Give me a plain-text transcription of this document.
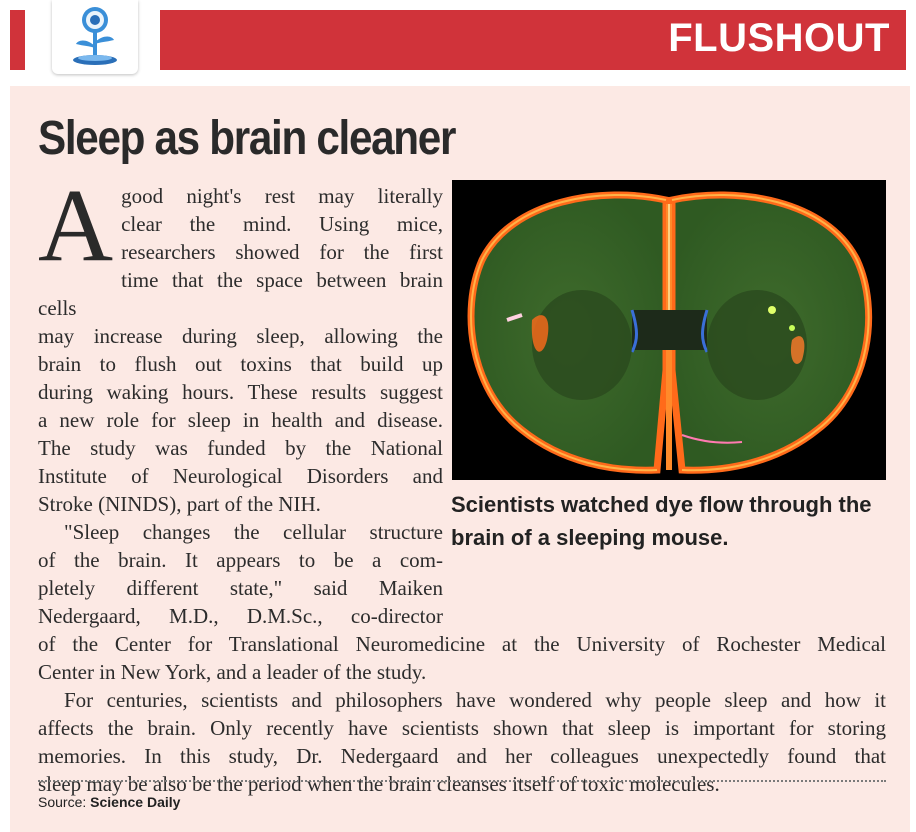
FLUSHOUT
Sleep as brain cleaner
Scientists watched dye flow through the brain of a sleeping mouse.
A good night's rest may literally
clear the mind. Using mice,
researchers showed for the first
time that the space between brain cells
may increase during sleep, allowing the
brain to flush out toxins that build up
during waking hours. These results suggest
a new role for sleep in health and disease.
The study was funded by the National
Institute of Neurological Disorders and
Stroke (NINDS), part of the NIH.
"Sleep changes the cellular structure
of the brain. It appears to be a com-
pletely different state," said Maiken
Nedergaard, M.D., D.M.Sc., co-director
of the Center for Translational Neuromedicine at the University of Rochester Medical
Center in New York, and a leader of the study.
For centuries, scientists and philosophers have wondered why people sleep and how it
affects the brain. Only recently have scientists shown that sleep is important for storing
memories. In this study, Dr. Nedergaard and her colleagues unexpectedly found that
sleep may be also be the period when the brain cleanses itself of toxic molecules.
Source: Science Daily
